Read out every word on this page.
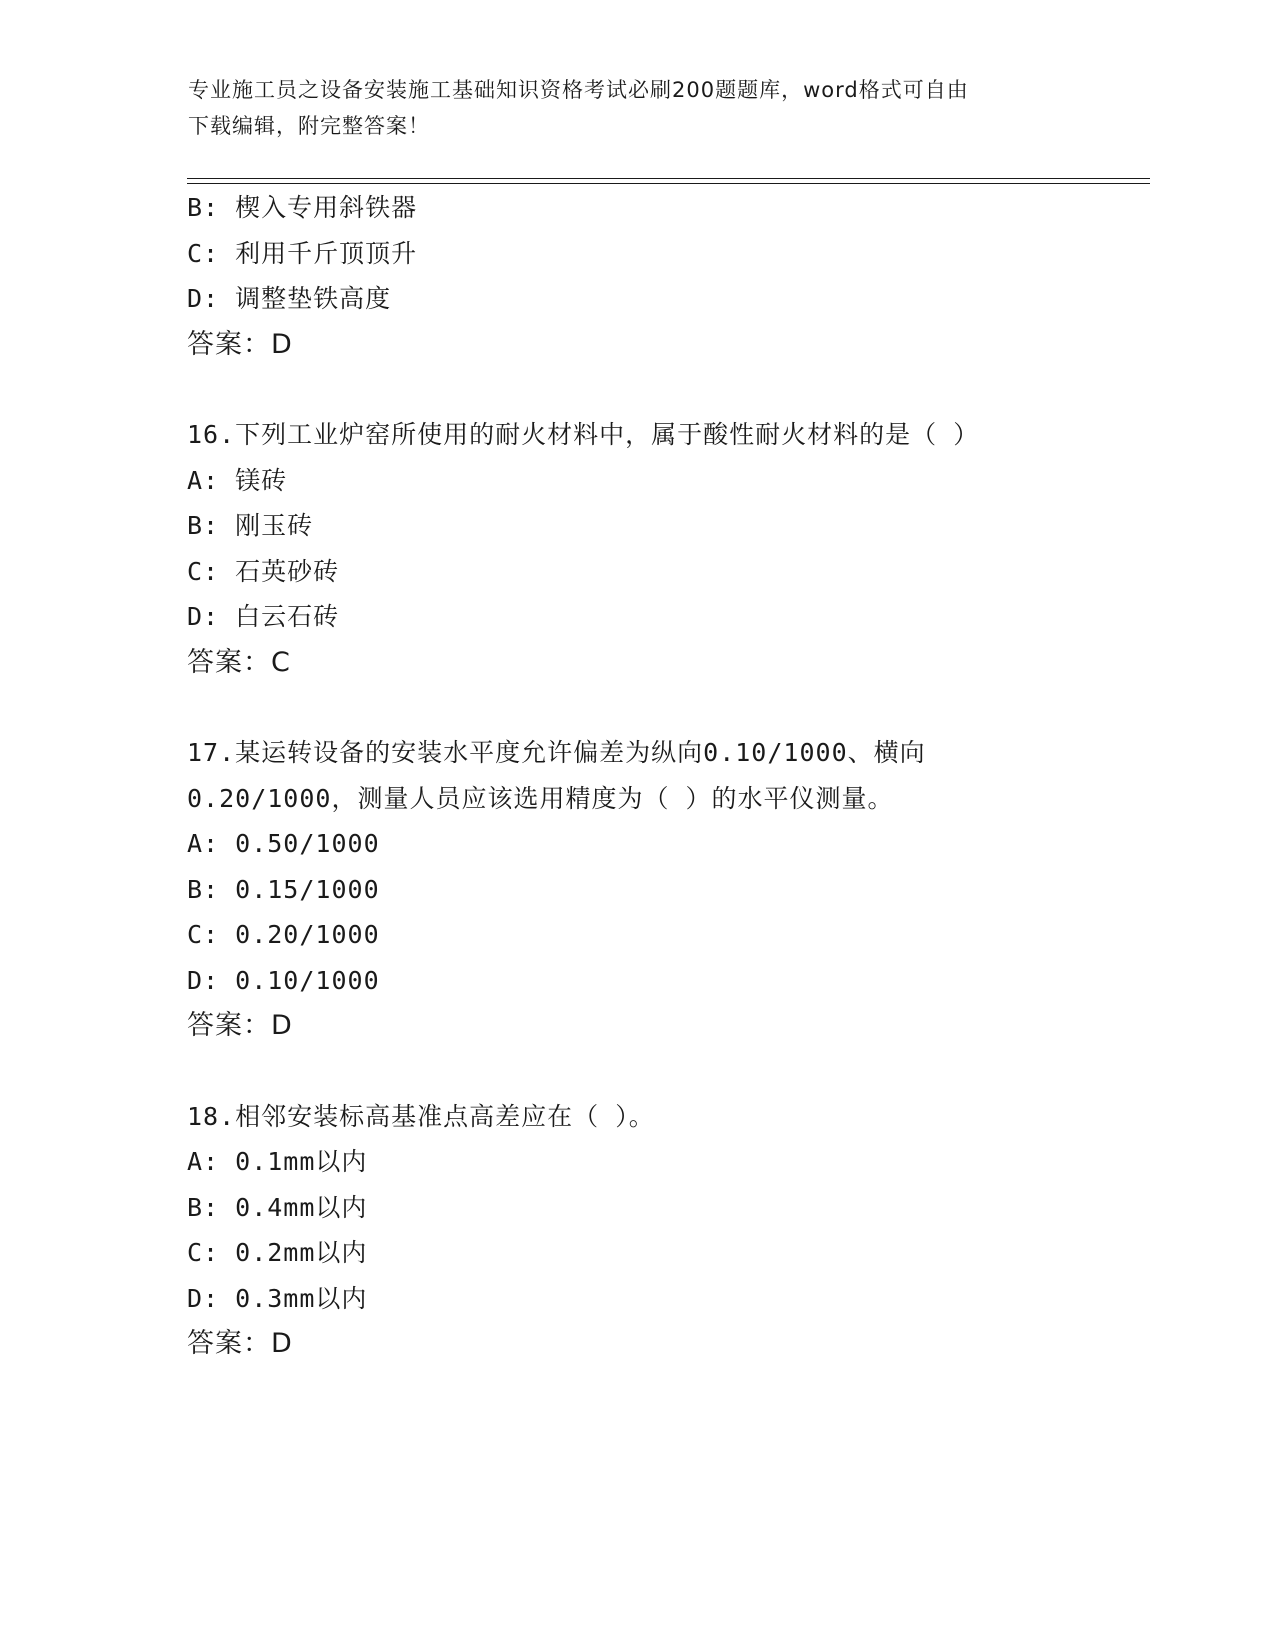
专业施工员之设备安装施工基础知识资格考试必刷200题题库，word格式可自由
下载编辑，附完整答案！
B: 楔入专用斜铁器
C: 利用千斤顶顶升
D: 调整垫铁高度
答案：D
16.下列工业炉窑所使用的耐火材料中，属于酸性耐火材料的是（ ）
A: 镁砖
B: 刚玉砖
C: 石英砂砖
D: 白云石砖
答案：C
17.某运转设备的安装水平度允许偏差为纵向0.10/1000、横向
0.20/1000，测量人员应该选用精度为（ ）的水平仪测量。
A: 0.50/1000
B: 0.15/1000
C: 0.20/1000
D: 0.10/1000
答案：D
18.相邻安装标高基准点高差应在（ ）。
A: 0.1mm以内
B: 0.4mm以内
C: 0.2mm以内
D: 0.3mm以内
答案：D
